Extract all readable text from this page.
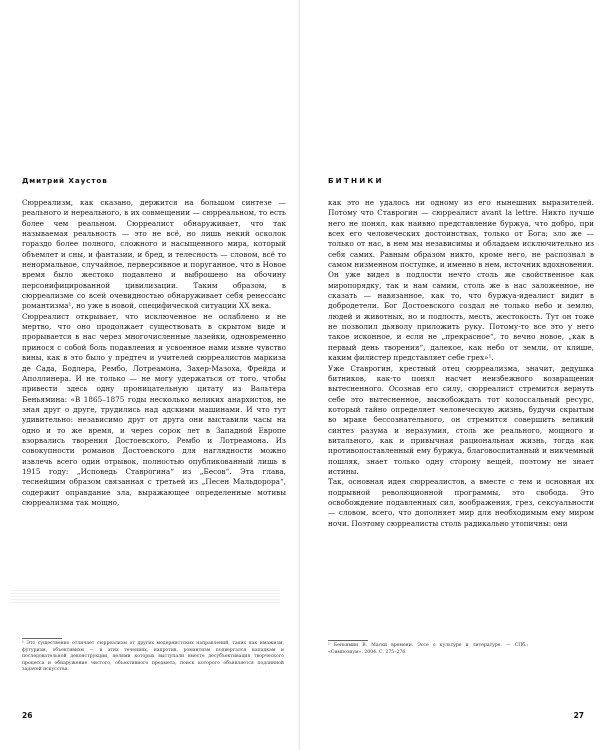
Дмитрий Хаустов

Сюрреализм, как сказано, держится на большом синтезе — реального и нереального, в их совмещении — сюрреальном, то есть более чем реальном. Сюрреалист обнаруживает, что так называемая реальность — это не всё, но лишь некий осколок гораздо более полного, сложного и насыщенного мира, который объемлет и сны, и фантазии, и бред, и телесность — словом, всё то ненормальное, случайное, перверсивное и поруганное, что в Новое время было жестоко подавлено и выброшено на обочину персонифицированной цивилизации. Таким образом, в сюрреализме со всей очевидностью обнаруживает себя ренессанс романтизма¹, но уже в новой, специфической ситуации XX века.

Сюрреалист открывает, что исключенное не ослаблено и не мертво, что оно продолжает существовать в скрытом виде и прорывается в нас через многочисленные лазейки, одновременно принося с собой боль подавления и усвоенное нами извне чувство вины, как в это было у предтеч и учителей сюрреалистов маркиза де Сада, Бодлера, Рембо, Лотреамона, Захер-Мазоха, Фрейда и Аполлинера. И не только — не могу удержаться от того, чтобы привести здесь одну проницательную цитату из Вальтера Беньямина: «В 1865–1875 годы несколько великих анархистов, не зная друг о друге, трудились над адскими машинами. И что тут удивительно: независимо друг от друга они выставили часы на одно и то же время, и через сорок лет в Западной Европе взорвались творения Достоевского, Рембо и Лотреамона. Из совокупности романов Достоевского для наглядности можно извлечь всего один отрывок, полностью опубликованный лишь в 1915 году: „Исповедь Ставрогина“ из „Бесов“. Эта глава, теснейшим образом связанная с третьей из „Песен Мальдорора“, содержит оправдание зла, выражающее определенные мотивы сюрреализма так мощно,

¹ Это существенно отличает сюрреализм от других модернистских направлений, таких как имажизм, футуризм, объективизм — в этих течениях, напротив, романтизм подвергался нападкам и последовательной деконструкции, целями которых выступали вместе десубъективация творческого процесса и обнаружение чистого, объективного предмета, поиск которого объявляется подлинной задачей искусства.
26
БИТНИКИ

как это не удалось ни одному из его нынешних выразителей. Потому что Ставрогин — сюрреалист avant la lettre. Никто лучше него не понял, как наивно представление буржуа, что добро, при всех его человеческих достоинствах, только от Бога; зло же — только от нас, в нем мы независимы и обладаем исключительно из себя самих. Равным образом никто, кроме него, не распознал в самом низменном поступке, и именно в нем, источник вдохновения. Он уже видел в подлости нечто столь же свойственное как миропорядку, так и нам самим, столь же в нас заложенное, не сказать — навязанное, как то, что буржуа-идеалист видит в добродетели. Бог Достоевского создал не только небо и землю, людей и животных, но и подлость, месть, жестокость. Тут он тоже не позволил дьяволу приложить руку. Потому-то все это у него такое исконное, и если не „прекрасное“, то вечно новое, „как в первый день творения“, далекое, как небо от земли, от клише, каким филистер представляет себе грех»¹.

Уже Ставрогин, крестный отец сюрреализма, значит, дедушка битников, как-то понял насчет неизбежного возвращения вытесненного. Осознав его силу, сюрреалист стремится вернуть себе это вытесненное, высвобождать тот колоссальный ресурс, который тайно определяет человеческую жизнь, будучи скрытым во мраке бессознательного, он стремится совершить великий синтез разума и неразумия, столь же реального, мощного и витального, как и привычная рациональная жизнь, тогда как противопоставленный ему буржуа, благовоспитанный и никчемный пошляк, знает только одну сторону вещей, поэтому не знает истины.

Так, основная идея сюрреалистов, а вместе с тем и основная их подрывной революционной программы, это свобода. Это освобождение подавленных сил, воображения, грез, сексуальности — словом, всего, что дополняет мир для необходимым ему миром ночи. Поэтому сюрреалисты столь радикально утопичны: они

¹ Беньямин В. Маски времени. Эссе о культуре и литературе. — СПб.: «Симпозиум», 2004. С. 275–276.
27
